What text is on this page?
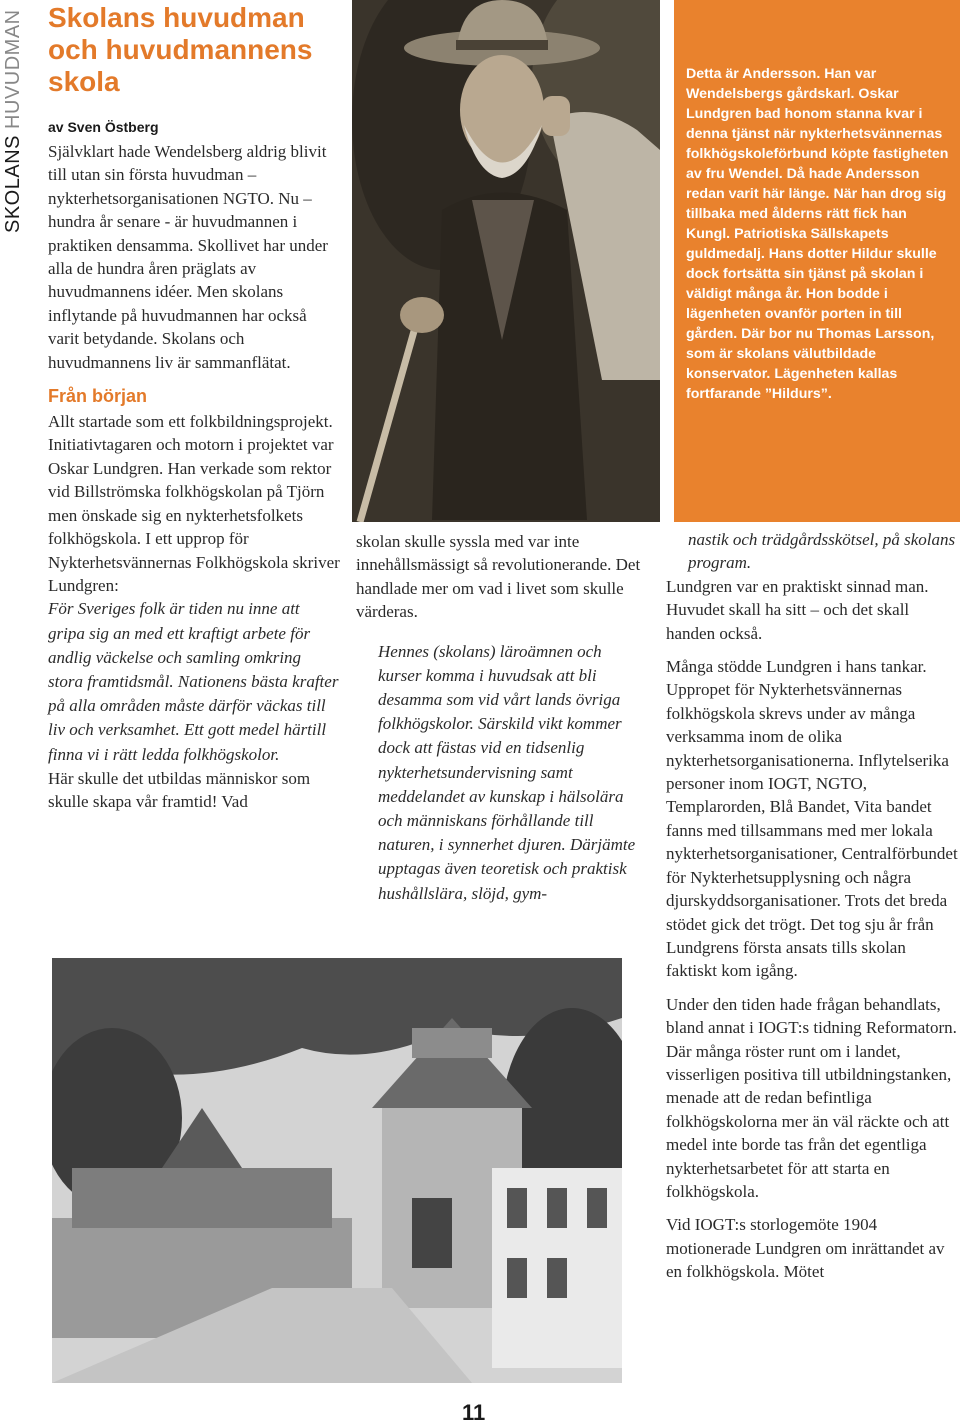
SKOLANS HUVUDMAN Skolans huvudman och huvudmannens skola
av Sven Östberg

Självklart hade Wendelsberg aldrig blivit till utan sin första huvudman – nykterhetsorganisationen NGTO. Nu – hundra år senare - är huvudmannen i praktiken densamma. Skollivet har under alla de hundra åren präglats av huvudmannens idéer. Men skolans inflytande på huvudmannen har också varit betydande. Skolans och huvudmannens liv är sammanflätat.

Från början

Allt startade som ett folkbildningsprojekt. Initiativtagaren och motorn i projektet var Oskar Lundgren. Han verkade som rektor vid Billströmska folkhögskolan på Tjörn men önskade sig en nykterhetsfolkets folkhögskola. I ett upprop för Nykterhetsvännernas Folkhögskola skriver Lundgren:

För Sveriges folk är tiden nu inne att gripa sig an med ett kraftigt arbete för andlig väckelse och samling omkring stora framtidsmål. Nationens bästa krafter på alla områden måste därför väckas till liv och verksamhet. Ett gott medel härtill finna vi i rätt ledda folkhögskolor.

Här skulle det utbildas människor som skulle skapa vår framtid! Vad

Detta är Andersson. Han var Wendelsbergs gårdskarl. Oskar Lundgren bad honom stanna kvar i denna tjänst när nykterhetsvännernas folkhögskoleförbund köpte fastigheten av fru Wendel. Då hade Andersson redan varit här länge. När han drog sig tillbaka med ålderns rätt fick han Kungl. Patriotiska Sällskapets guldmedalj. Hans dotter Hildur skulle dock fortsätta sin tjänst på skolan i väldigt många år. Hon bodde i lägenheten ovanför porten in till gården. Där bor nu Thomas Larsson, som är skolans välutbildade konservator. Lägenheten kallas fortfarande ”Hildurs”.

skolan skulle syssla med var inte innehållsmässigt så revolutionerande. Det handlade mer om vad i livet som skulle värderas.

Hennes (skolans) läroämnen och kurser komma i huvudsak att bli desamma som vid vårt lands övriga folkhögskolor. Särskild vikt kommer dock att fästas vid en tidsenlig nykterhetsundervisning samt meddelandet av kunskap i hälsolära och människans förhållande till naturen, i synnerhet djuren. Därjämte upptagas även teoretisk och praktisk hushållslära, slöjd, gym-

nastik och trädgårdsskötsel, på skolans program.

Lundgren var en praktiskt sinnad man. Huvudet skall ha sitt – och det skall handen också.

Många stödde Lundgren i hans tankar. Uppropet för Nykterhetsvännernas folkhögskola skrevs under av många verksamma inom de olika nykterhetsorganisationerna. Inflytelserika personer inom IOGT, NGTO, Templarorden, Blå Bandet, Vita bandet fanns med tillsammans med mer lokala nykterhetsorganisationer, Centralförbundet för Nykterhetsupplysning och några djurskyddsorganisationer. Trots det breda stödet gick det trögt. Det tog sju år från Lundgrens första ansats tills skolan faktiskt kom igång.

Under den tiden hade frågan behandlats, bland annat i IOGT:s tidning Reformatorn. Där många röster runt om i landet, visserligen positiva till utbildningstanken, menade att de redan befintliga folkhögskolorna mer än väl räckte och att medel inte borde tas från det egentliga nykterhetsarbetet för att starta en folkhögskola.

Vid IOGT:s storlogemöte 1904 motionerade Lundgren om inrättandet av en folkhögskola. Mötet

11
